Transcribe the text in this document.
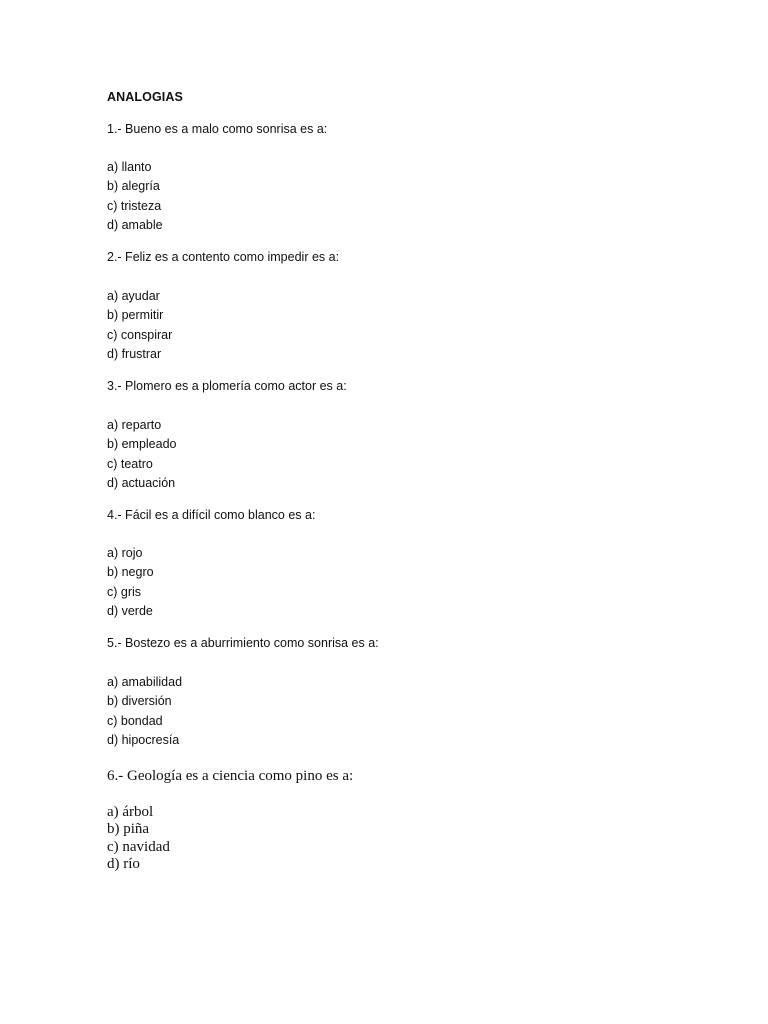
ANALOGIAS
1.- Bueno es a malo como sonrisa es a:
a) llanto
b) alegría
c) tristeza
d) amable
2.- Feliz es a contento como impedir es a:
a) ayudar
b) permitir
c) conspirar
d) frustrar
3.- Plomero es a plomería como actor es a:
a) reparto
b) empleado
c) teatro
d) actuación
4.- Fácil es a difícil como blanco es a:
a) rojo
b) negro
c) gris
d) verde
5.- Bostezo es a aburrimiento como sonrisa es a:
a) amabilidad
b) diversión
c) bondad
d) hipocresía
6.- Geología es a ciencia como pino es a:
a) árbol
b) piña
c) navidad
d) río
